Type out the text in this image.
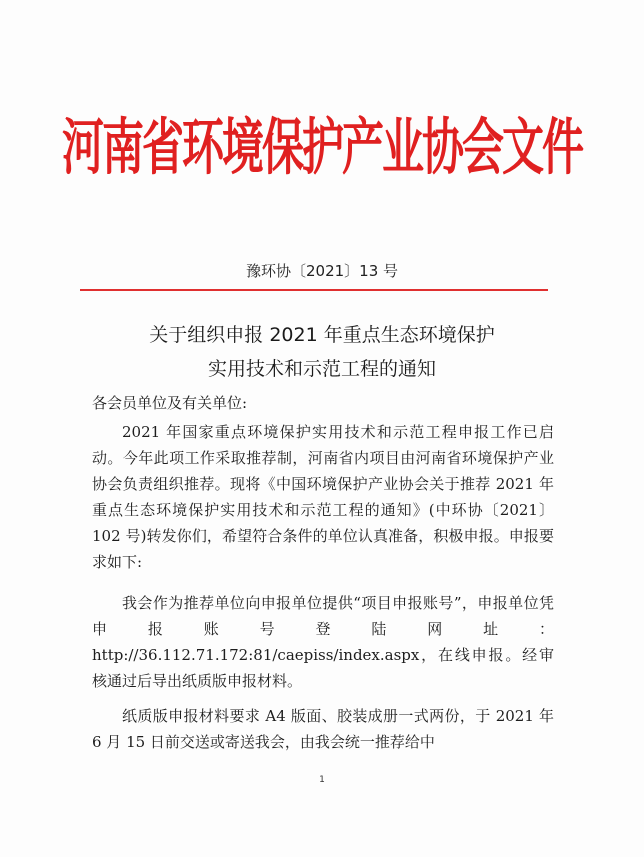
河南省环境保护产业协会文件
豫环协〔2021〕13 号
关于组织申报 2021 年重点生态环境保护
实用技术和示范工程的通知
各会员单位及有关单位:
2021 年国家重点环境保护实用技术和示范工程申报工作已启动。今年此项工作采取推荐制，河南省内项目由河南省环境保护产业协会负责组织推荐。现将《中国环境保护产业协会关于推荐 2021 年重点生态环境保护实用技术和示范工程的通知》(中环协〔2021〕102 号)转发你们，希望符合条件的单位认真准备，积极申报。申报要求如下:
我会作为推荐单位向申报单位提供“项目申报账号”，申报单位凭申报账号登陆网址：http://36.112.71.172:81/caepiss/index.aspx，在线申报。经审核通过后导出纸质版申报材料。
纸质版申报材料要求 A4 版面、胶装成册一式两份，于 2021 年 6 月 15 日前交送或寄送我会，由我会统一推荐给中
1
